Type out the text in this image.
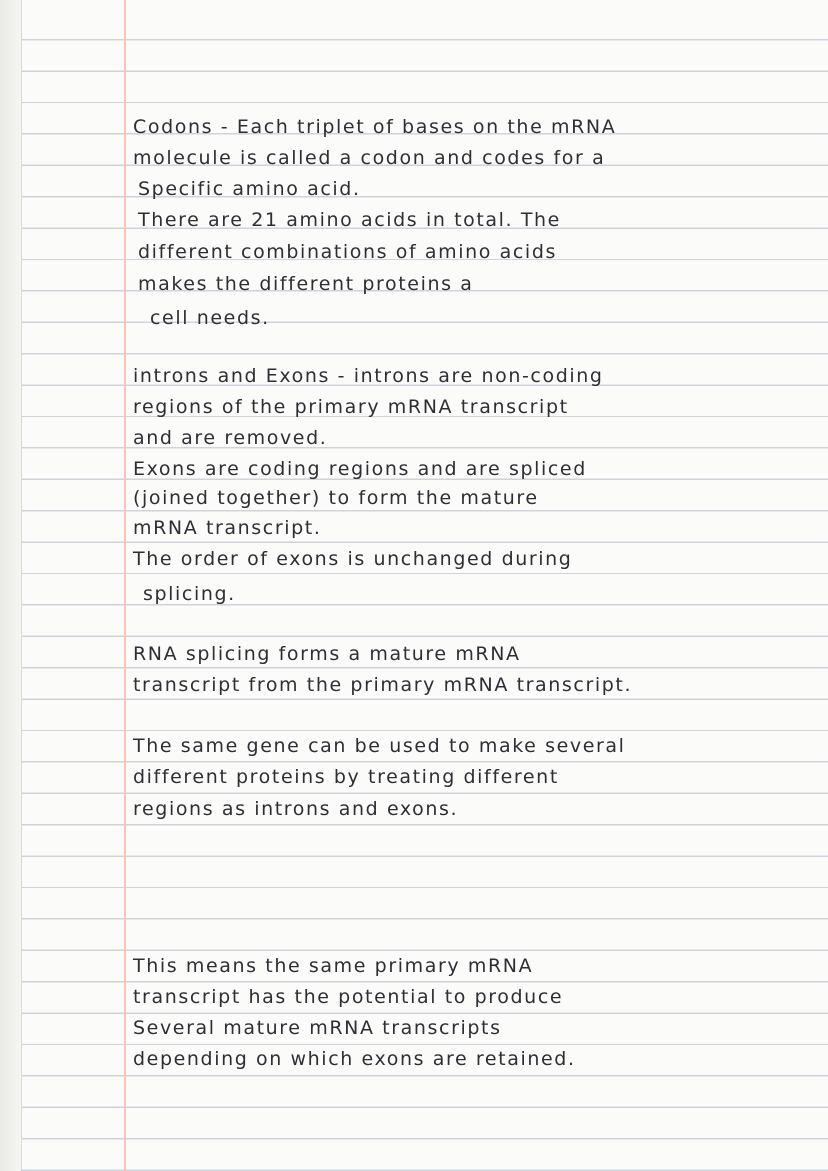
Codons - Each triplet of bases on the mRNA
molecule is called a codon and codes for a
Specific amino acid.
There are 21 amino acids in total. The
different combinations of amino acids
makes the different proteins a
cell needs.
introns and Exons - introns are non-coding
regions of the primary mRNA transcript
and are removed.
Exons are coding regions and are spliced
(joined together) to form the mature
mRNA transcript.
The order of exons is unchanged during
splicing.
RNA splicing forms a mature mRNA
transcript from the primary mRNA transcript.
The same gene can be used to make several
different proteins by treating different
regions as introns and exons.
This means the same primary mRNA
transcript has the potential to produce
Several mature mRNA transcripts
depending on which exons are retained.
